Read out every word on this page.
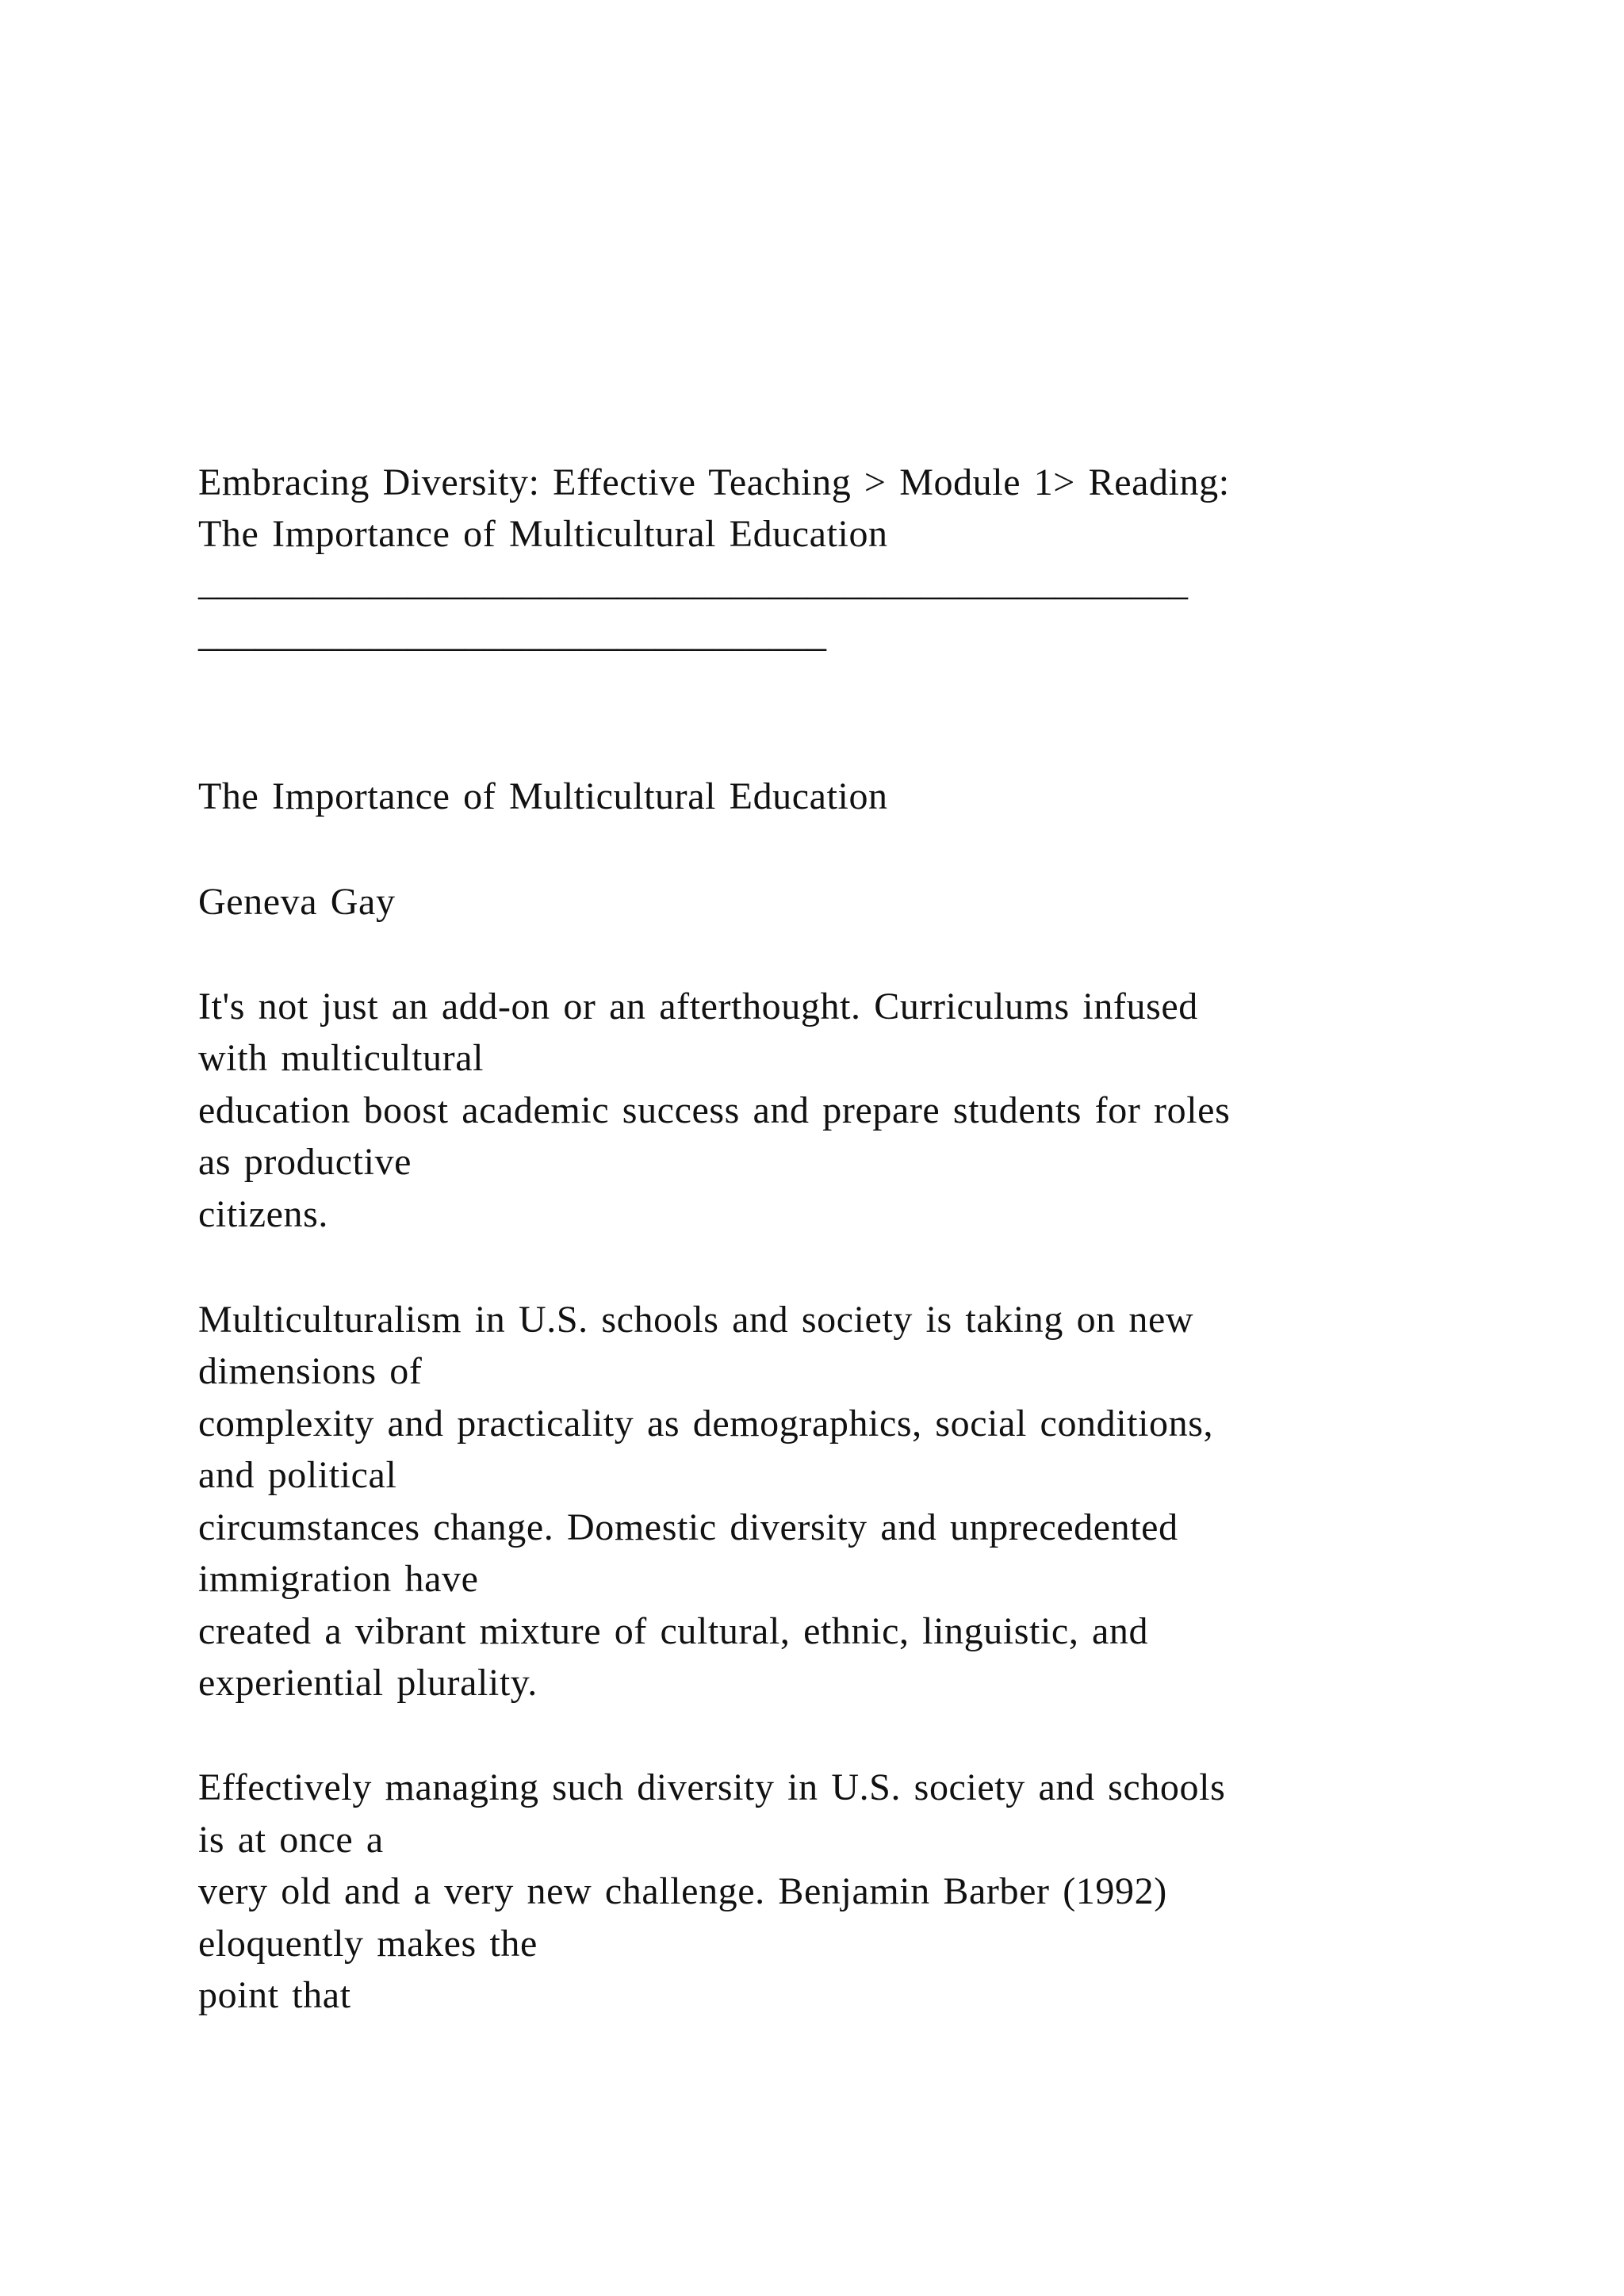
Embracing Diversity: Effective Teaching > Module 1> Reading:
The Importance of Multicultural Education
____________________________________________________
_________________________________
The Importance of Multicultural Education
Geneva Gay
It's not just an add-on or an afterthought. Curriculums infused
with multicultural
education boost academic success and prepare students for roles
as productive
citizens.
Multiculturalism in U.S. schools and society is taking on new
dimensions of
complexity and practicality as demographics, social conditions,
and political
circumstances change. Domestic diversity and unprecedented
immigration have
created a vibrant mixture of cultural, ethnic, linguistic, and
experiential plurality.
Effectively managing such diversity in U.S. society and schools
is at once a
very old and a very new challenge. Benjamin Barber (1992)
eloquently makes the
point that
